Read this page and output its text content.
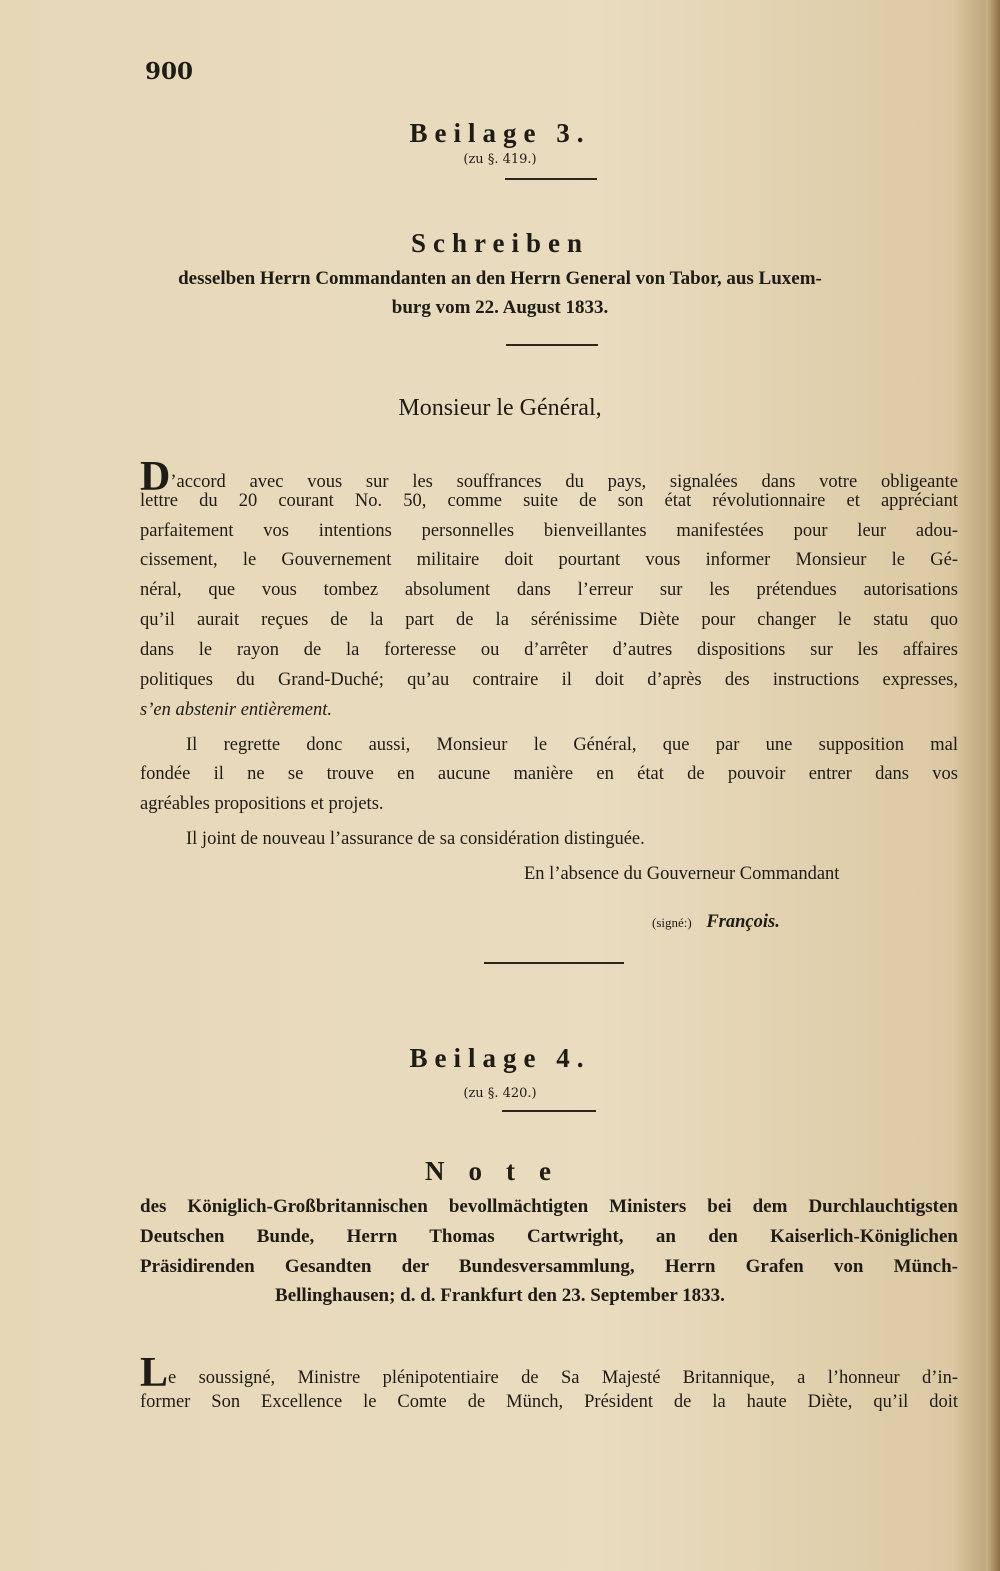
900
Beilage 3.
(zu §. 419.)
Schreiben
desselben Herrn Commandanten an den Herrn General von Tabor, aus Luxem-
burg vom 22. August 1833.
Monsieur le Général,
D’accord avec vous sur les souffrances du pays, signalées dans votre obligeante
lettre du 20 courant No. 50, comme suite de son état révolutionnaire et appréciant
parfaitement vos intentions personnelles bienveillantes manifestées pour leur adou-
cissement, le Gouvernement militaire doit pourtant vous informer Monsieur le Gé-
néral, que vous tombez absolument dans l’erreur sur les prétendues autorisations
qu’il aurait reçues de la part de la sérénissime Diète pour changer le statu quo
dans le rayon de la forteresse ou d’arrêter d’autres dispositions sur les affaires
politiques du Grand-Duché; qu’au contraire il doit d’après des instructions expresses,
s’en abstenir entièrement.
Il regrette donc aussi, Monsieur le Général, que par une supposition mal
fondée il ne se trouve en aucune manière en état de pouvoir entrer dans vos
agréables propositions et projets.
Il joint de nouveau l’assurance de sa considération distinguée.
En l’absence du Gouverneur Commandant
(signé:) François.
Beilage 4.
(zu §. 420.)
Note
des Königlich-Großbritannischen bevollmächtigten Ministers bei dem Durchlauchtigsten
Deutschen Bunde, Herrn Thomas Cartwright, an den Kaiserlich-Königlichen
Präsidirenden Gesandten der Bundesversammlung, Herrn Grafen von Münch-
Bellinghausen; d. d. Frankfurt den 23. September 1833.
Le soussigné, Ministre plénipotentiaire de Sa Majesté Britannique, a l’honneur d’in-
former Son Excellence le Comte de Münch, Président de la haute Diète, qu’il doit
